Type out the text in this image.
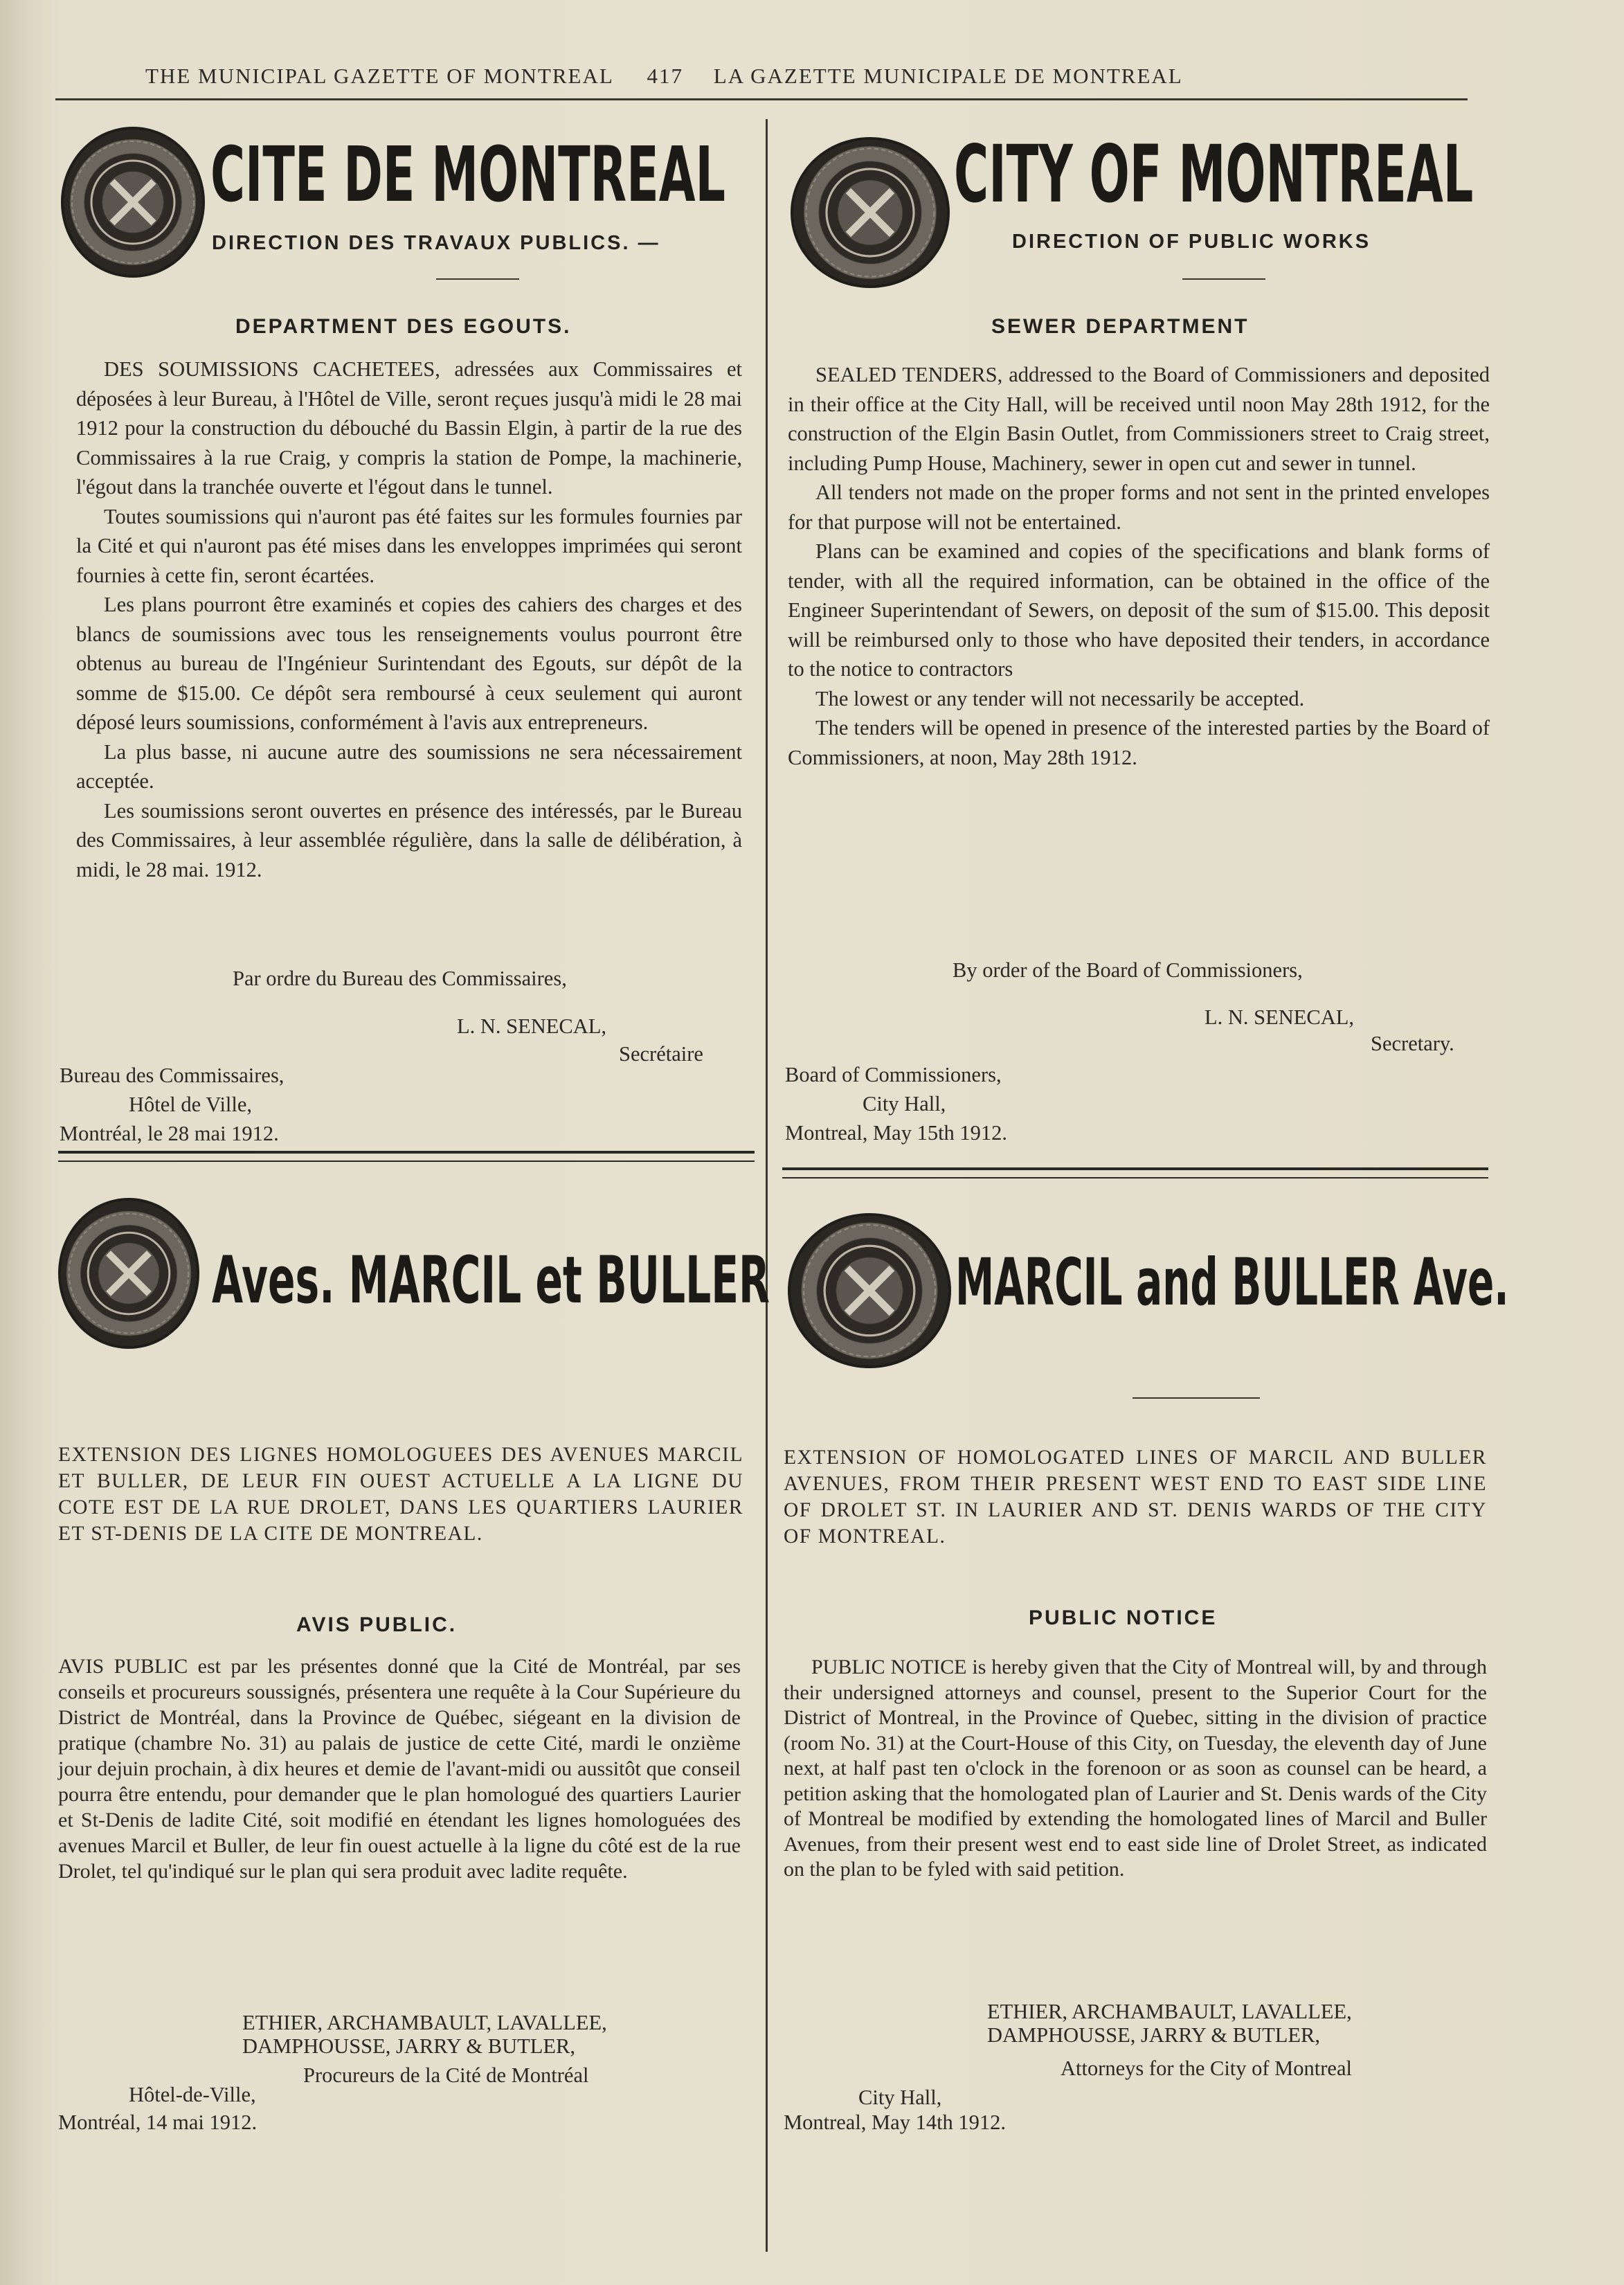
THE MUNICIPAL GAZETTE OF MONTREAL 417 LA GAZETTE MUNICIPALE DE MONTREAL
CITE DE MONTREAL
DIRECTION DES TRAVAUX PUBLICS. —
DEPARTMENT DES EGOUTS.

DES SOUMISSIONS CACHETEES, adressées aux Commissaires et déposées à leur Bureau, à l'Hôtel de Ville, seront reçues jusqu'à midi le 28 mai 1912 pour la construction du débouché du Bassin Elgin, à partir de la rue des Commissaires à la rue Craig, y compris la station de Pompe, la machinerie, l'égout dans la tranchée ouverte et l'égout dans le tunnel.

Toutes soumissions qui n'auront pas été faites sur les formules fournies par la Cité et qui n'auront pas été mises dans les enveloppes imprimées qui seront fournies à cette fin, seront écartées.

Les plans pourront être examinés et copies des cahiers des charges et des blancs de soumissions avec tous les renseignements voulus pourront être obtenus au bureau de l'Ingénieur Surintendant des Egouts, sur dépôt de la somme de $15.00. Ce dépôt sera remboursé à ceux seulement qui auront déposé leurs soumissions, conformément à l'avis aux entrepreneurs.

La plus basse, ni aucune autre des soumissions ne sera nécessairement acceptée.

Les soumissions seront ouvertes en présence des intéressés, par le Bureau des Commissaires, à leur assemblée régulière, dans la salle de délibération, à midi, le 28 mai. 1912.

Par ordre du Bureau des Commissaires,
L. N. SENECAL,
Secrétaire
Bureau des Commissaires,
Hôtel de Ville,
Montréal, le 28 mai 1912.
CITY OF MONTREAL
DIRECTION OF PUBLIC WORKS
SEWER DEPARTMENT

SEALED TENDERS, addressed to the Board of Commissioners and deposited in their office at the City Hall, will be received until noon May 28th 1912, for the construction of the Elgin Basin Outlet, from Commissioners street to Craig street, including Pump House, Machinery, sewer in open cut and sewer in tunnel.

All tenders not made on the proper forms and not sent in the printed envelopes for that purpose will not be entertained.

Plans can be examined and copies of the specifications and blank forms of tender, with all the required information, can be obtained in the office of the Engineer Superintendant of Sewers, on deposit of the sum of $15.00. This deposit will be reimbursed only to those who have deposited their tenders, in accordance to the notice to contractors

The lowest or any tender will not necessarily be accepted.

The tenders will be opened in presence of the interested parties by the Board of Commissioners, at noon, May 28th 1912.

By order of the Board of Commissioners,
L. N. SENECAL,
Secretary.
Board of Commissioners,
City Hall,
Montreal, May 15th 1912.
Aves. MARCIL et BULLER
EXTENSION DES LIGNES HOMOLOGUEES DES AVENUES MARCIL ET BULLER, DE LEUR FIN OUEST ACTUELLE A LA LIGNE DU COTE EST DE LA RUE DROLET, DANS LES QUARTIERS LAURIER ET ST-DENIS DE LA CITE DE MONTREAL.
AVIS PUBLIC.

AVIS PUBLIC est par les présentes donné que la Cité de Montréal, par ses conseils et procureurs soussignés, présentera une requête à la Cour Supérieure du District de Montréal, dans la Province de Québec, siégeant en la division de pratique (chambre No. 31) au palais de justice de cette Cité, mardi le onzième jour dejuin prochain, à dix heures et demie de l'avant-midi ou aussitôt que conseil pourra être entendu, pour demander que le plan homologué des quartiers Laurier et St-Denis de ladite Cité, soit modifié en étendant les lignes homologuées des avenues Marcil et Buller, de leur fin ouest actuelle à la ligne du côté est de la rue Drolet, tel qu'indiqué sur le plan qui sera produit avec ladite requête.

ETHIER, ARCHAMBAULT, LAVALLEE,
DAMPHOUSSE, JARRY & BUTLER,
Procureurs de la Cité de Montréal
Hôtel-de-Ville,
Montréal, 14 mai 1912.
MARCIL and BULLER Ave.
EXTENSION OF HOMOLOGATED LINES OF MARCIL AND BULLER AVENUES, FROM THEIR PRESENT WEST END TO EAST SIDE LINE OF DROLET ST. IN LAURIER AND ST. DENIS WARDS OF THE CITY OF MONTREAL.
PUBLIC NOTICE

PUBLIC NOTICE is hereby given that the City of Montreal will, by and through their undersigned attorneys and counsel, present to the Superior Court for the District of Montreal, in the Province of Quebec, sitting in the division of practice (room No. 31) at the Court-House of this City, on Tuesday, the eleventh day of June next, at half past ten o'clock in the forenoon or as soon as counsel can be heard, a petition asking that the homologated plan of Laurier and St. Denis wards of the City of Montreal be modified by extending the homologated lines of Marcil and Buller Avenues, from their present west end to east side line of Drolet Street, as indicated on the plan to be fyled with said petition.

ETHIER, ARCHAMBAULT, LAVALLEE,
DAMPHOUSSE, JARRY & BUTLER,
Attorneys for the City of Montreal
City Hall,
Montreal, May 14th 1912.
